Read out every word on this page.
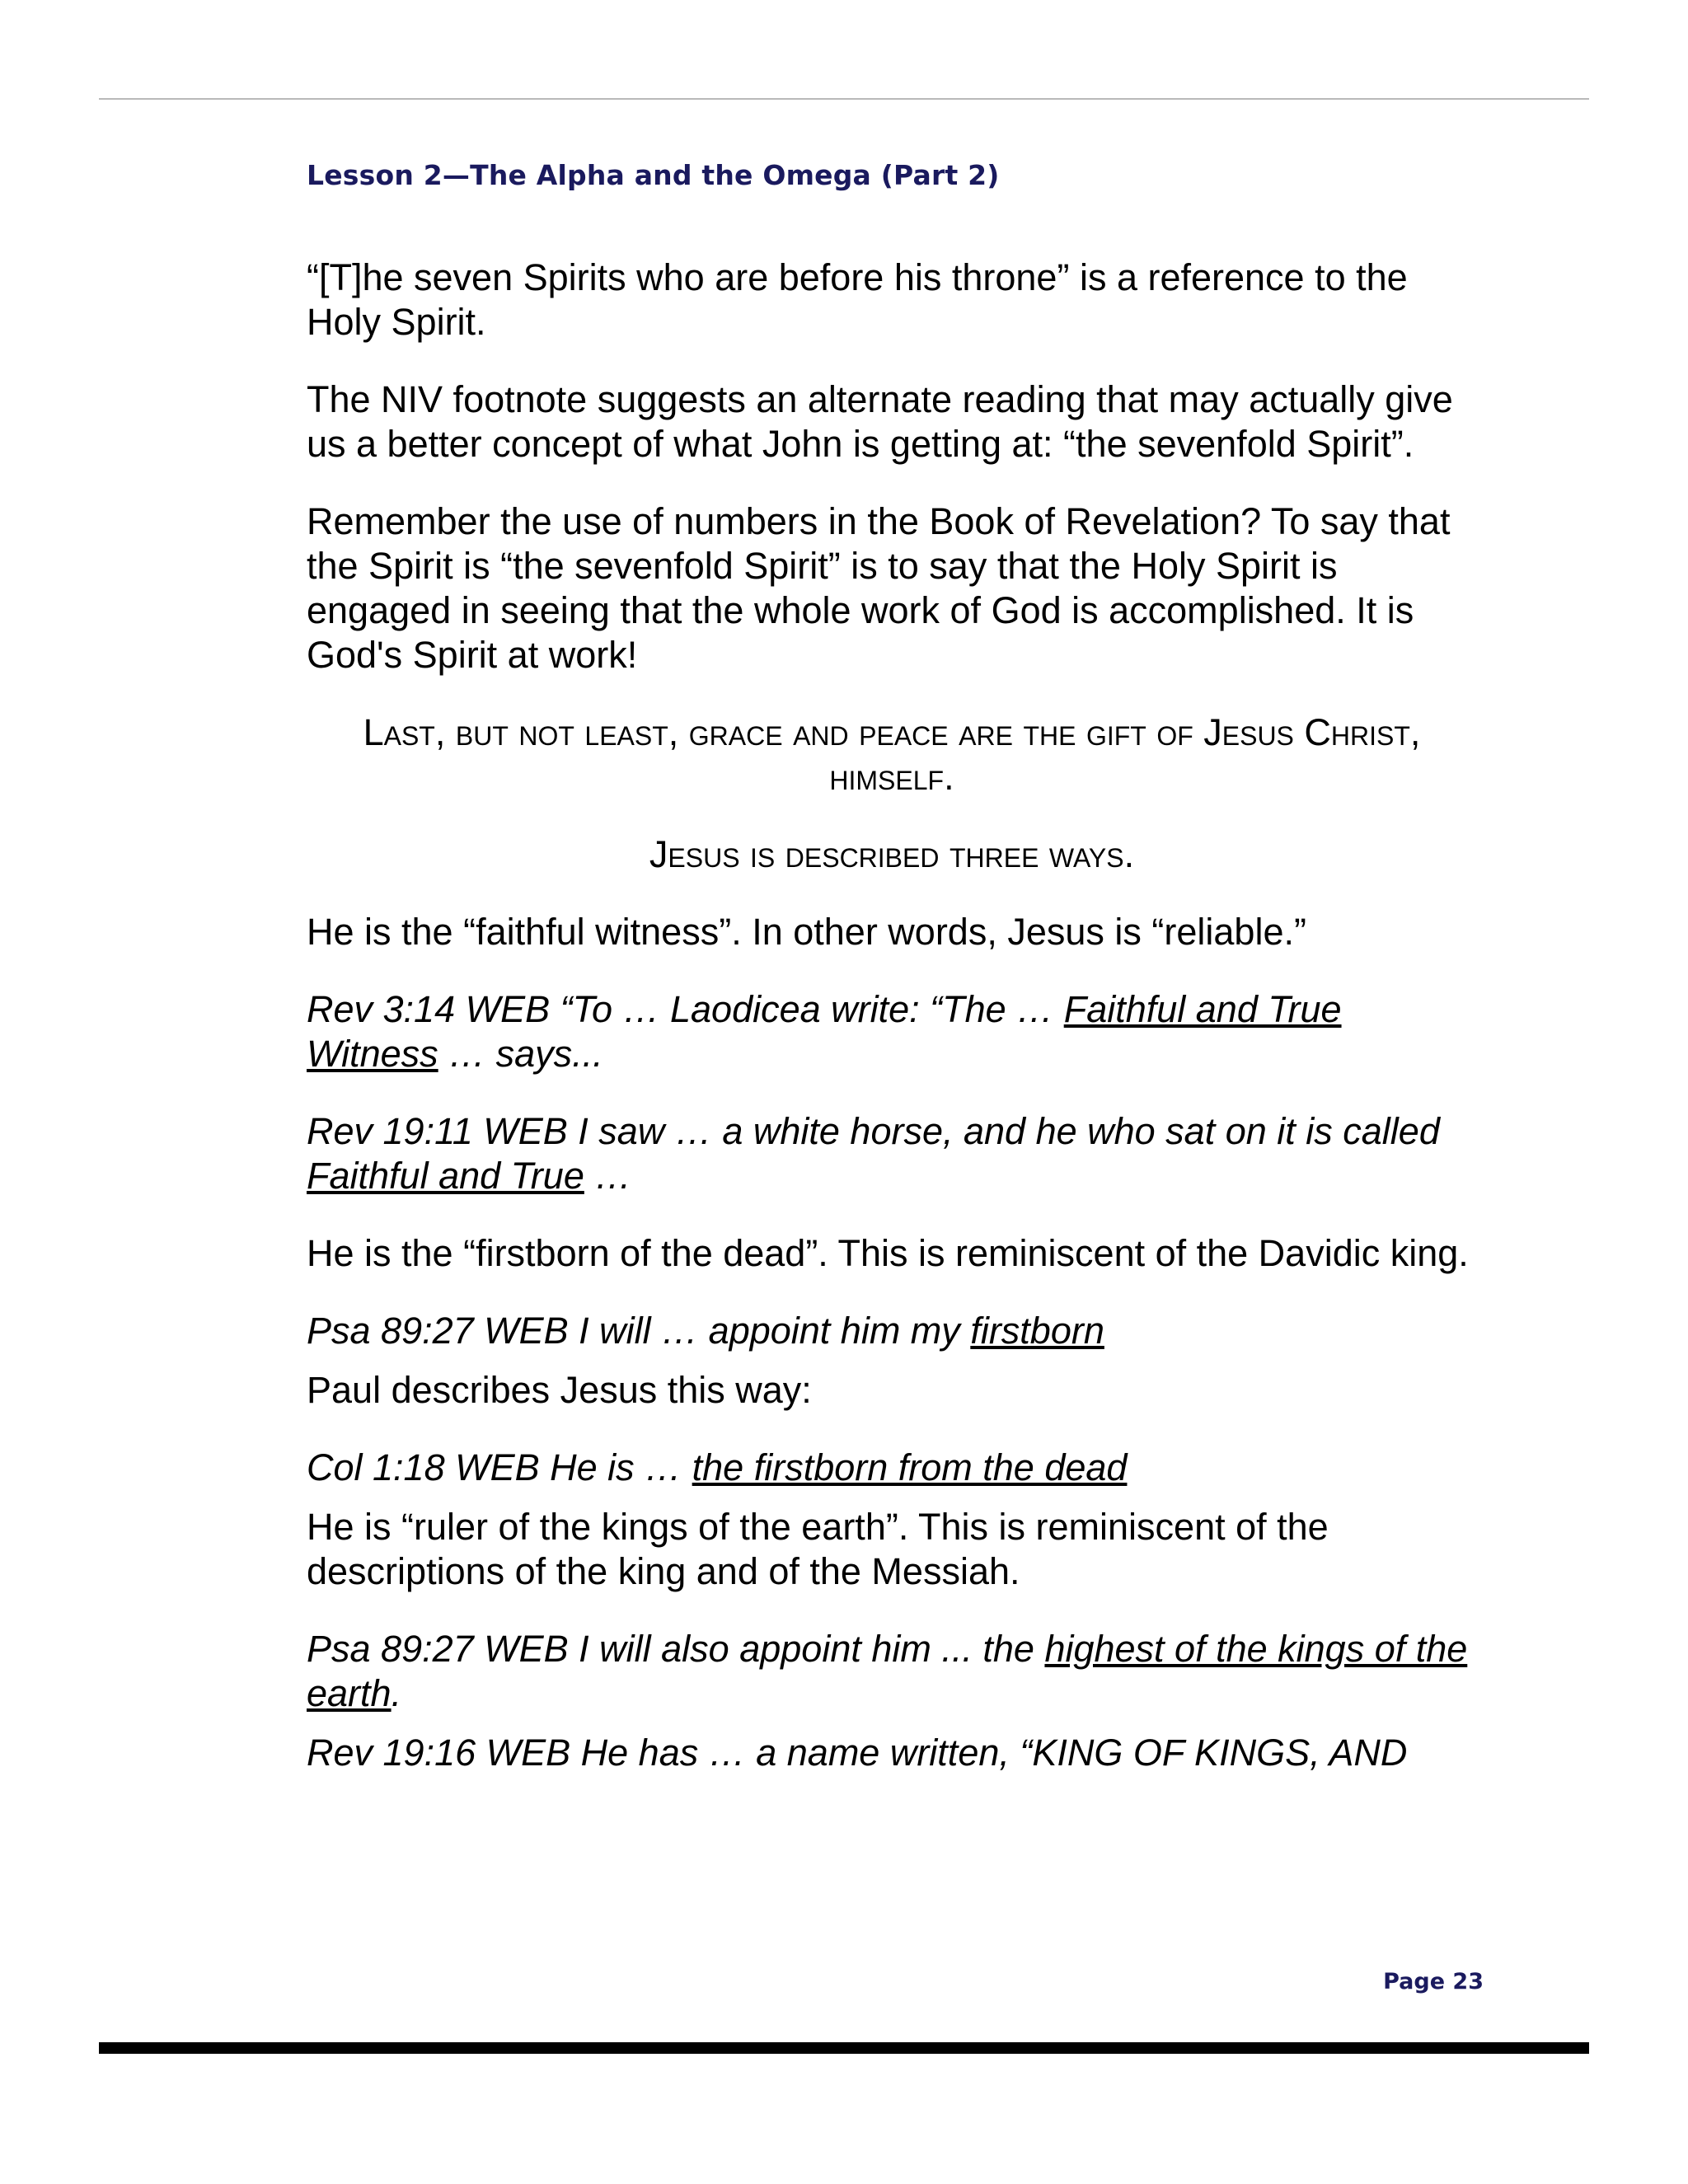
Lesson 2—The Alpha and the Omega (Part 2)

“[T]he seven Spirits who are before his throne” is a reference to the Holy Spirit.

The NIV footnote suggests an alternate reading that may actually give us a better concept of what John is getting at: “the sevenfold Spirit”.

Remember the use of numbers in the Book of Revelation? To say that the Spirit is “the sevenfold Spirit” is to say that the Holy Spirit is engaged in seeing that the whole work of God is accomplished. It is God's Spirit at work!

Last, but not least, grace and peace are the gift of Jesus Christ, himself.

Jesus is described three ways.

He is the “faithful witness”. In other words, Jesus is “reliable.”

Rev 3:14 WEB “To … Laodicea write: “The … Faithful and True Witness … says...

Rev 19:11 WEB I saw … a white horse, and he who sat on it is called Faithful and True …

He is the “firstborn of the dead”. This is reminiscent of the Davidic king.

Psa 89:27 WEB I will … appoint him my firstborn

Paul describes Jesus this way:

Col 1:18 WEB He is … the firstborn from the dead

He is “ruler of the kings of the earth”. This is reminiscent of the descriptions of the king and of the Messiah.

Psa 89:27 WEB I will also appoint him ... the highest of the kings of the earth.

Rev 19:16 WEB He has … a name written, “KING OF KINGS, AND

Page 23
